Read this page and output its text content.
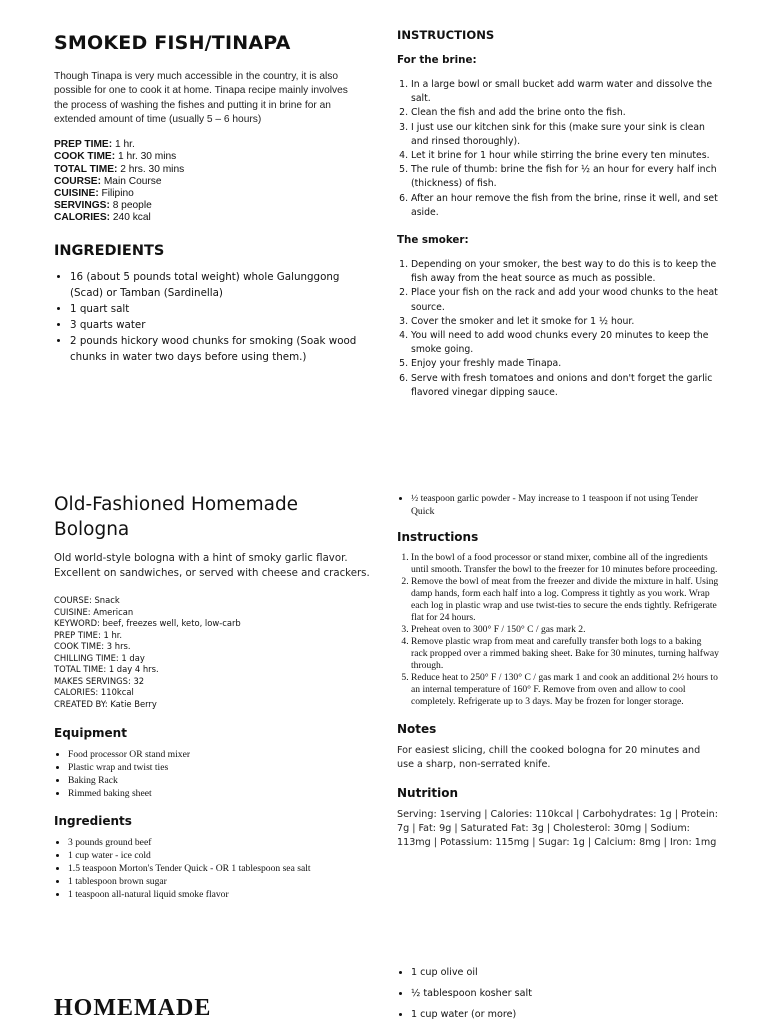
SMOKED FISH/TINAPA

Though Tinapa is very much accessible in the country, it is also possible for one to cook it at home. Tinapa recipe mainly involves the process of washing the fishes and putting it in brine for an extended amount of time (usually 5 – 6 hours)

PREP TIME: 1 hr.
COOK TIME: 1 hr. 30 mins
TOTAL TIME: 2 hrs. 30 mins
COURSE: Main Course
CUISINE: Filipino
SERVINGS: 8 people
CALORIES: 240 kcal
INGREDIENTS
• 16 (about 5 pounds total weight) whole Galunggong (Scad) or Tamban (Sardinella)
• 1 quart salt
• 3 quarts water
• 2 pounds hickory wood chunks for smoking (Soak wood chunks in water two days before using them.)
INSTRUCTIONS
For the brine:
1. In a large bowl or small bucket add warm water and dissolve the salt.
2. Clean the fish and add the brine onto the fish.
3. I just use our kitchen sink for this (make sure your sink is clean and rinsed thoroughly).
4. Let it brine for 1 hour while stirring the brine every ten minutes.
5. The rule of thumb: brine the fish for ½ an hour for every half inch (thickness) of fish.
6. After an hour remove the fish from the brine, rinse it well, and set aside.
The smoker:
1. Depending on your smoker, the best way to do this is to keep the fish away from the heat source as much as possible.
2. Place your fish on the rack and add your wood chunks to the heat source.
3. Cover the smoker and let it smoke for 1 ½ hour.
4. You will need to add wood chunks every 20 minutes to keep the smoke going.
5. Enjoy your freshly made Tinapa.
6. Serve with fresh tomatoes and onions and don't forget the garlic flavored vinegar dipping sauce.
Old-Fashioned Homemade Bologna

Old world-style bologna with a hint of smoky garlic flavor. Excellent on sandwiches, or served with cheese and crackers.

COURSE: Snack
CUISINE: American
KEYWORD: beef, freezes well, keto, low-carb
PREP TIME: 1 hr.
COOK TIME: 3 hrs.
CHILLING TIME: 1 day
TOTAL TIME: 1 day 4 hrs.
MAKES SERVINGS: 32
CALORIES: 110kcal
CREATED BY: Katie Berry
Equipment
• Food processor OR stand mixer
• Plastic wrap and twist ties
• Baking Rack
• Rimmed baking sheet
Ingredients
• 3 pounds ground beef
• 1 cup water - ice cold
• 1.5 teaspoon Morton's Tender Quick - OR 1 tablespoon sea salt
• 1 tablespoon brown sugar
• 1 teaspoon all-natural liquid smoke flavor
• ½ teaspoon garlic powder - May increase to 1 teaspoon if not using Tender Quick
Instructions
1. In the bowl of a food processor or stand mixer, combine all of the ingredients until smooth. Transfer the bowl to the freezer for 10 minutes before proceeding.
2. Remove the bowl of meat from the freezer and divide the mixture in half. Using damp hands, form each half into a log. Compress it tightly as you work. Wrap each log in plastic wrap and use twist-ties to secure the ends tightly. Refrigerate flat for 24 hours.
3. Preheat oven to 300° F / 150° C / gas mark 2.
4. Remove plastic wrap from meat and carefully transfer both logs to a baking rack propped over a rimmed baking sheet. Bake for 30 minutes, turning halfway through.
5. Reduce heat to 250° F / 130° C / gas mark 1 and cook an additional 2½ hours to an internal temperature of 160° F. Remove from oven and allow to cool completely. Refrigerate up to 3 days. May be frozen for longer storage.
Notes

For easiest slicing, chill the cooked bologna for 20 minutes and use a sharp, non-serrated knife.

Nutrition

Serving: 1serving | Calories: 110kcal | Carbohydrates: 1g | Protein: 7g | Fat: 9g | Saturated Fat: 3g | Cholesterol: 30mg | Sodium: 113mg | Potassium: 115mg | Sugar: 1g | Calcium: 8mg | Iron: 1mg

HOMEMADE
• 1 cup olive oil
• ½ tablespoon kosher salt
• 1 cup water (or more)
